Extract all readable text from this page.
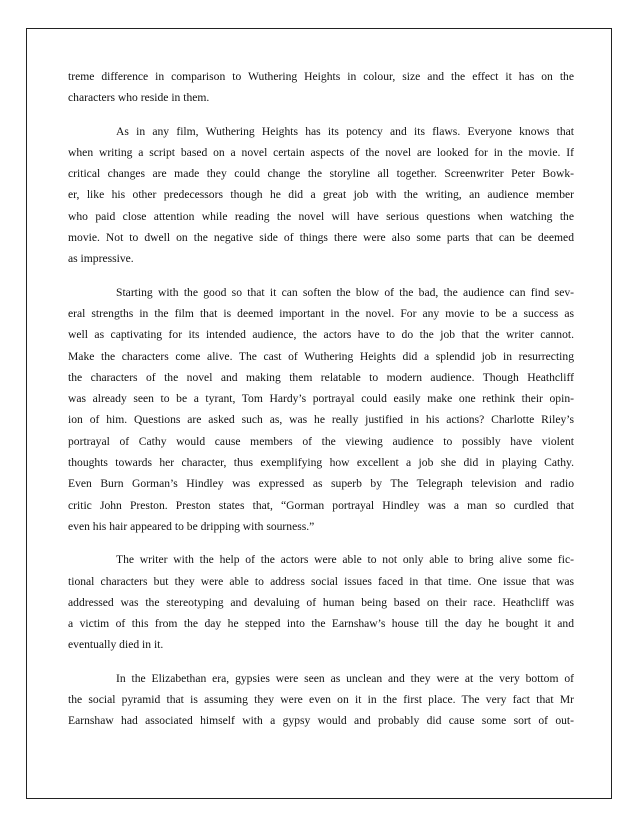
treme difference in comparison to Wuthering Heights in colour, size and the effect it has on the
characters who reside in them.

As in any film, Wuthering Heights has its potency and its flaws. Everyone knows that
when writing a script based on a novel certain aspects of the novel are looked for in the movie. If
critical changes are made they could change the storyline all together. Screenwriter Peter Bowk-
er, like his other predecessors though he did a great job with the writing, an audience member
who paid close attention while reading the novel will have serious questions when watching the
movie. Not to dwell on the negative side of things there were also some parts that can be deemed
as impressive.

Starting with the good so that it can soften the blow of the bad, the audience can find sev-
eral strengths in the film that is deemed important in the novel. For any movie to be a success as
well as captivating for its intended audience, the actors have to do the job that the writer cannot.
Make the characters come alive. The cast of Wuthering Heights did a splendid job in resurrecting
the characters of the novel and making them relatable to modern audience. Though Heathcliff
was already seen to be a tyrant, Tom Hardy’s portrayal could easily make one rethink their opin-
ion of him. Questions are asked such as, was he really justified in his actions? Charlotte Riley’s
portrayal of Cathy would cause members of the viewing audience to possibly have violent
thoughts towards her character, thus exemplifying how excellent a job she did in playing Cathy.
Even Burn Gorman’s Hindley was expressed as superb by The Telegraph television and radio
critic John Preston. Preston states that, “Gorman portrayal Hindley was a man so curdled that
even his hair appeared to be dripping with sourness.”

The writer with the help of the actors were able to not only able to bring alive some fic-
tional characters but they were able to address social issues faced in that time. One issue that was
addressed was the stereotyping and devaluing of human being based on their race. Heathcliff was
a victim of this from the day he stepped into the Earnshaw’s house till the day he bought it and
eventually died in it.

In the Elizabethan era, gypsies were seen as unclean and they were at the very bottom of
the social pyramid that is assuming they were even on it in the first place. The very fact that Mr
Earnshaw had associated himself with a gypsy would and probably did cause some sort of out-
